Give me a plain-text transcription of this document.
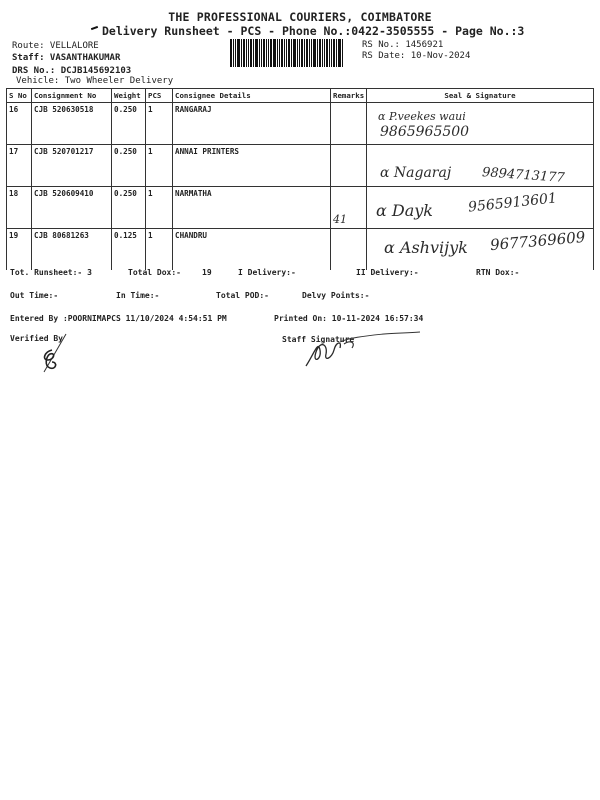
THE PROFESSIONAL COURIERS, COIMBATORE
Delivery Runsheet - PCS - Phone No.:0422-3505555 - Page No.:3
Route: VELLALORE
Staff: VASANTHAKUMAR
DRS No.: DCJB145692103
Vehicle: Two Wheeler Delivery
RS No.: 1456921
RS Date: 10-Nov-2024
S No	Consignment No	Weight	PCS	Consignee Details	Remarks	Seal & Signature
16	CJB 520630518	0.250	1	RANGARAJ		
17	CJB 520701217	0.250	1	ANNAI PRINTERS		
18	CJB 520609410	0.250	1	NARMATHA	41	
19	CJB 80681263	0.125	1	CHANDRU		
α P.veekes waui
9865965500
α Nagaraj 9894713177
α Dayk 9565913601
α Ashvijyk 9677369609
Tot. Runsheet:- 3	Total Dox:-	19	I Delivery:-	II Delivery:-	RTN Dox:-
Out Time:-	In Time:-	Total POD:-	Delvy Points:-
Entered By :POORNIMAPCS 11/10/2024 4:54:51 PM	Printed On: 10-11-2024 16:57:34
Verified By	Staff Signature
